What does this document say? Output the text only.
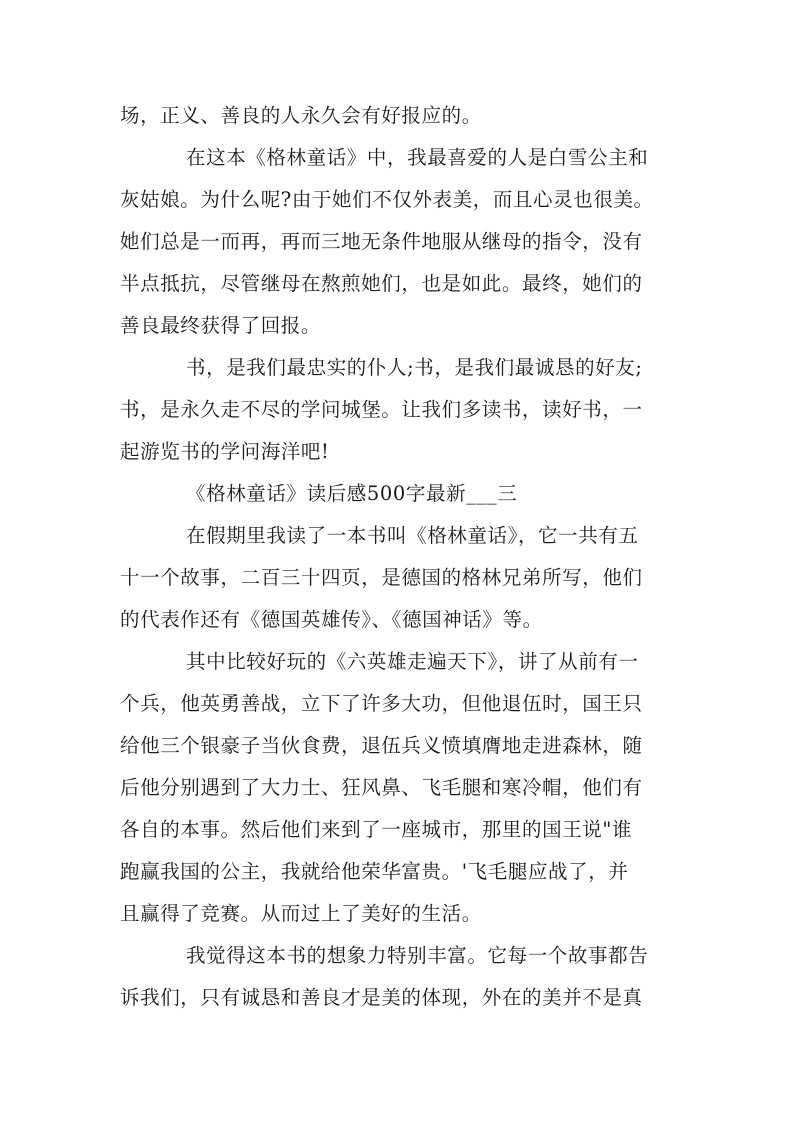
场，正义、善良的人永久会有好报应的。
在这本《格林童话》中，我最喜爱的人是白雪公主和
灰姑娘。为什么呢?由于她们不仅外表美，而且心灵也很美。
她们总是一而再，再而三地无条件地服从继母的指令，没有
半点抵抗，尽管继母在熬煎她们，也是如此。最终，她们的
善良最终获得了回报。
书，是我们最忠实的仆人;书，是我们最诚恳的好友;
书，是永久走不尽的学问城堡。让我们多读书，读好书，一
起游览书的学问海洋吧!
《格林童话》读后感500字最新___三
在假期里我读了一本书叫《格林童话》，它一共有五
十一个故事，二百三十四页，是德国的格林兄弟所写，他们
的代表作还有《德国英雄传》、《德国神话》等。
其中比较好玩的《六英雄走遍天下》，讲了从前有一
个兵，他英勇善战，立下了许多大功，但他退伍时，国王只
给他三个银豪子当伙食费，退伍兵义愤填膺地走进森林，随
后他分别遇到了大力士、狂风鼻、飞毛腿和寒冷帽，他们有
各自的本事。然后他们来到了一座城市，那里的国王说"谁
跑赢我国的公主，我就给他荣华富贵。'飞毛腿应战了，并
且赢得了竞赛。从而过上了美好的生活。
我觉得这本书的想象力特别丰富。它每一个故事都告
诉我们，只有诚恳和善良才是美的体现，外在的美并不是真
